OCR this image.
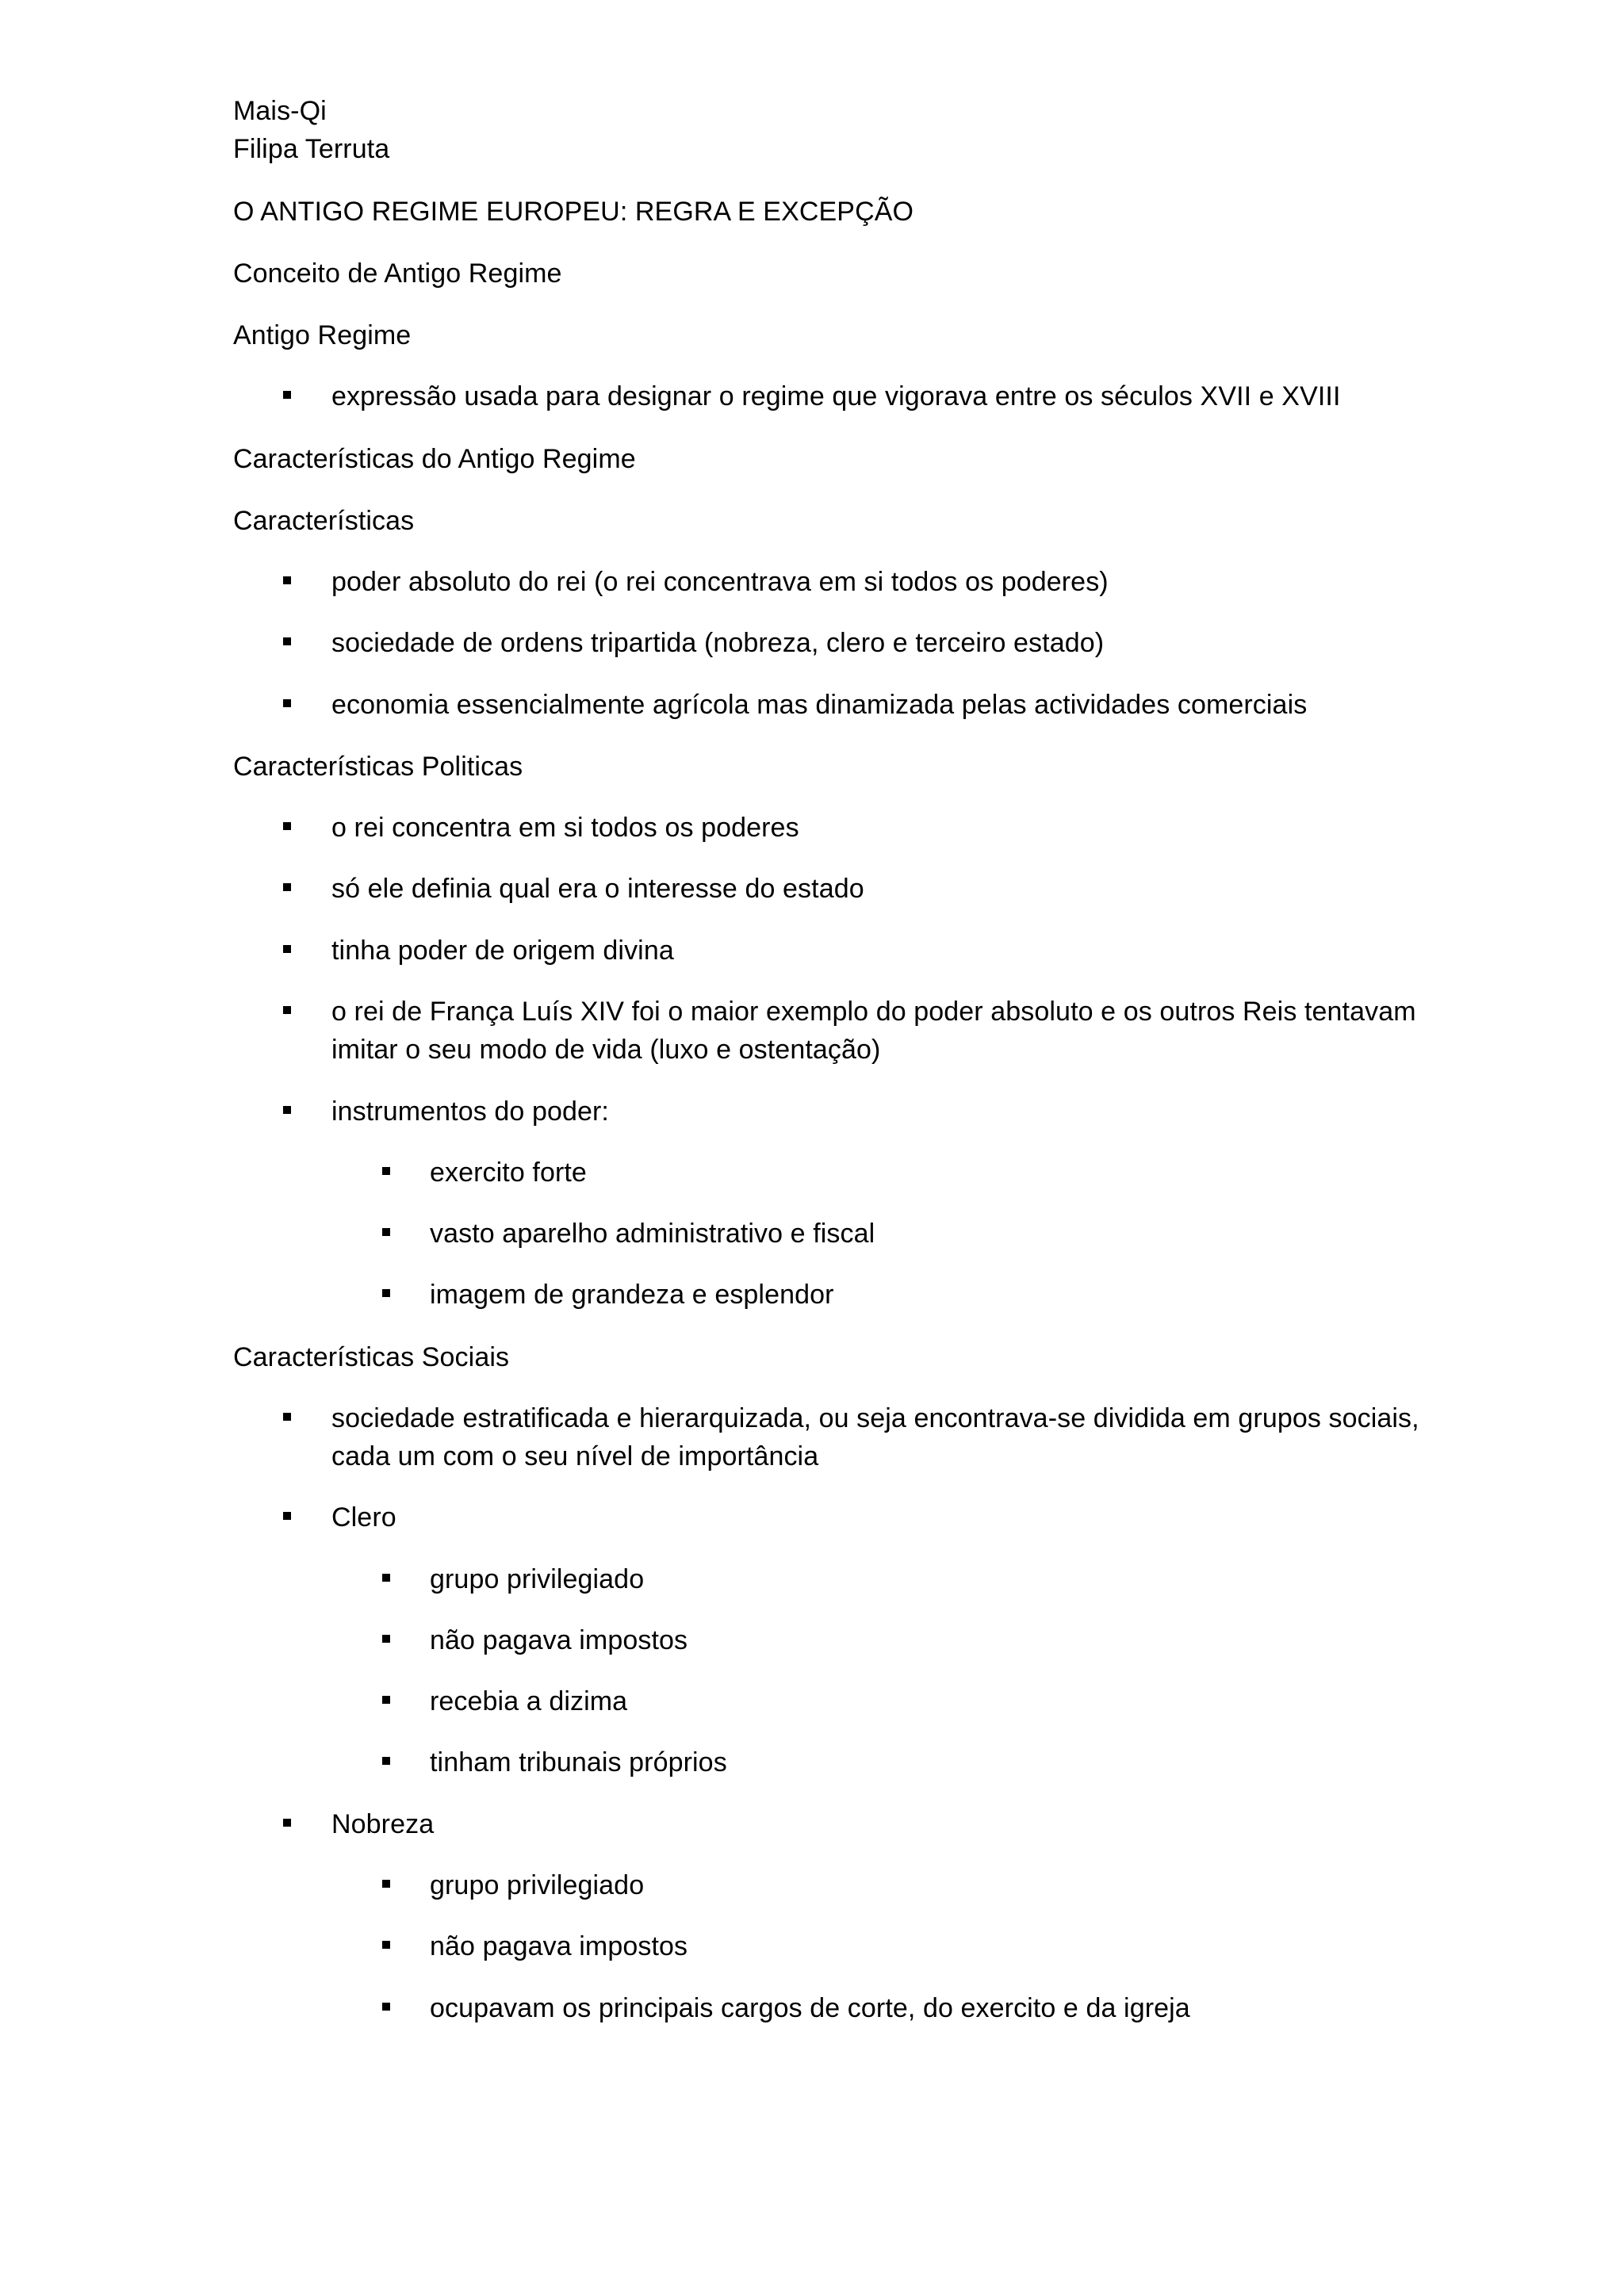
Mais-Qi
Filipa Terruta
O ANTIGO REGIME EUROPEU: REGRA E EXCEPÇÃO
Conceito de Antigo Regime
Antigo Regime
expressão usada para designar o regime que vigorava entre os séculos XVII e XVIII
Características do Antigo Regime
Características
poder absoluto do rei (o rei concentrava em si todos os poderes)
sociedade de ordens tripartida (nobreza, clero e terceiro estado)
economia essencialmente agrícola mas dinamizada pelas actividades comerciais
Características Politicas
o rei concentra em si todos os poderes
só ele definia qual era o interesse do estado
tinha poder de origem divina
o rei de França Luís XIV foi o maior exemplo do poder absoluto e os outros Reis tentavam imitar o seu modo de vida (luxo e ostentação)
instrumentos do poder:
exercito forte
vasto aparelho administrativo e fiscal
imagem de grandeza e esplendor
Características Sociais
sociedade estratificada e hierarquizada, ou seja encontrava-se dividida em grupos sociais, cada um com o seu nível de importância
Clero
grupo privilegiado
não pagava impostos
recebia a dizima
tinham tribunais próprios
Nobreza
grupo privilegiado
não pagava impostos
ocupavam os principais cargos de corte, do exercito e da igreja
